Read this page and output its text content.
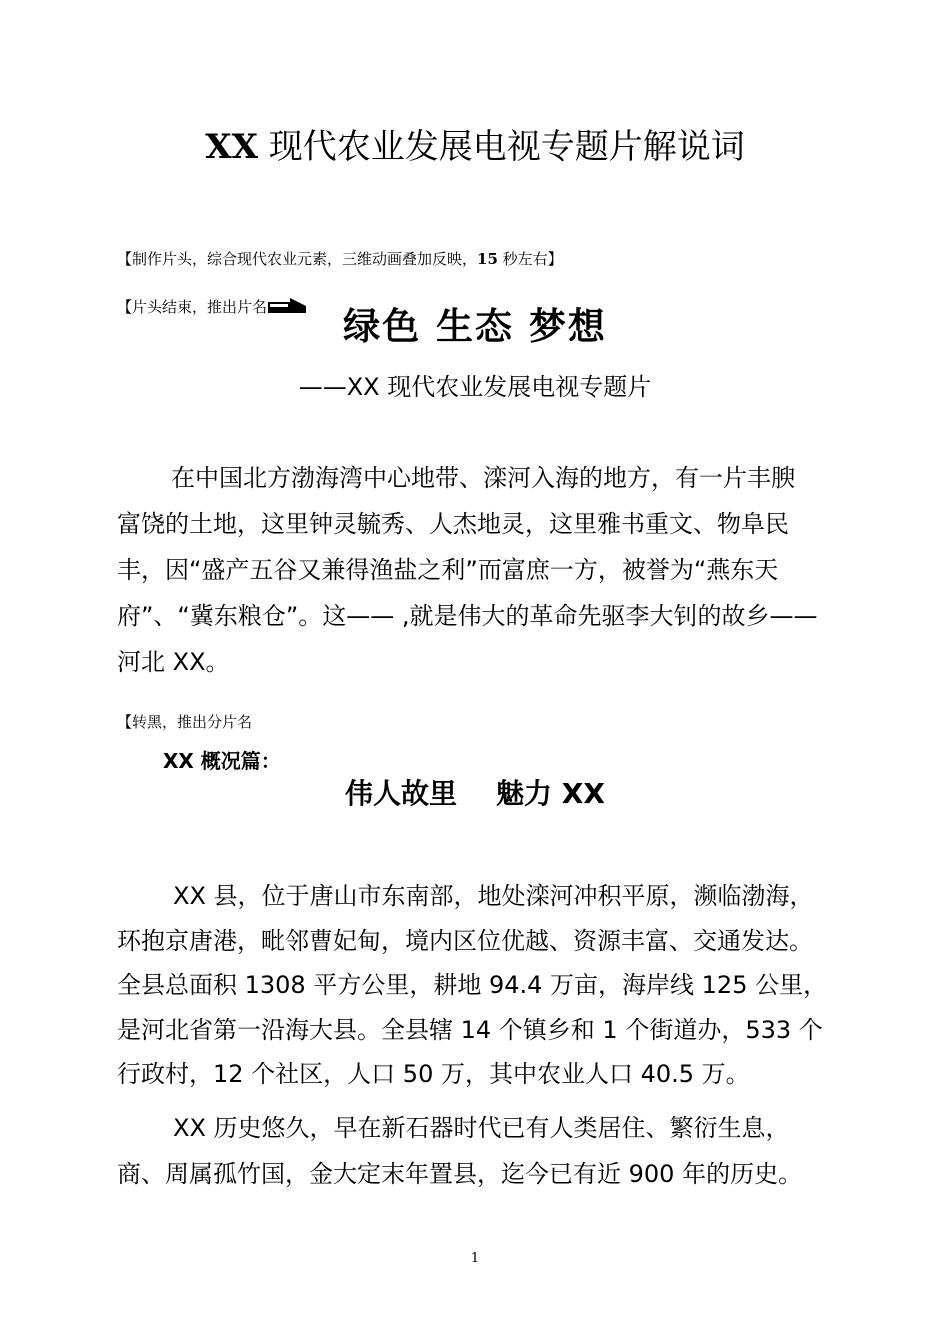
XX 现代农业发展电视专题片解说词
【制作片头，综合现代农业元素，三维动画叠加反映，15 秒左右】
【片头结束，推出片名	绿色 生态 梦想
——XX 现代农业发展电视专题片
在中国北方渤海湾中心地带、滦河入海的地方，有一片丰腴
富饶的土地，这里钟灵毓秀、人杰地灵，这里雅书重文、物阜民
丰，因“盛产五谷又兼得渔盐之利”而富庶一方，被誉为“燕东天
府”、“冀东粮仓”。这—— ,就是伟大的革命先驱李大钊的故乡——
河北 XX。
【转黑，推出分片名
XX 概况篇：
伟人故里    魅力 XX
XX 县，位于唐山市东南部，地处滦河冲积平原，濒临渤海，
环抱京唐港，毗邻曹妃甸，境内区位优越、资源丰富、交通发达。
全县总面积 1308 平方公里，耕地 94.4 万亩，海岸线 125 公里，
是河北省第一沿海大县。全县辖 14 个镇乡和 1 个街道办，533 个
行政村，12 个社区，人口 50 万，其中农业人口 40.5 万。
XX 历史悠久，早在新石器时代已有人类居住、繁衍生息，
商、周属孤竹国，金大定末年置县，迄今已有近 900 年的历史。
1
